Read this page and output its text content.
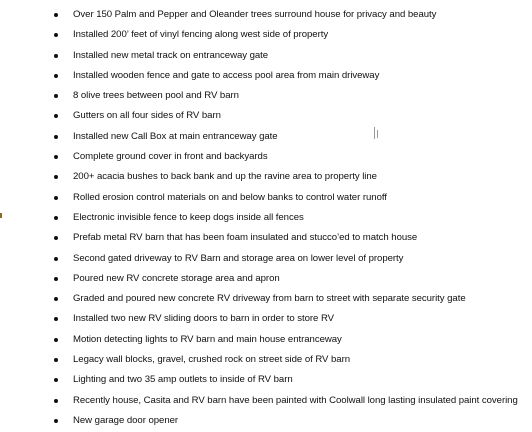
Over 150 Palm and Pepper and Oleander trees surround house for privacy and beauty
Installed 200’ feet of vinyl fencing along west side of property
Installed new metal track on entranceway gate
Installed wooden fence and gate to access pool area from main driveway
8 olive trees between pool and RV barn
Gutters on all four sides of RV barn
Installed new Call Box at main entranceway gate
Complete ground cover in front and backyards
200+ acacia bushes to back bank and up the ravine area to property line
Rolled erosion control materials on and below banks to control water runoff
Electronic invisible fence to keep dogs inside all fences
Prefab metal RV barn that has been foam insulated and stucco’ed to match house
Second gated driveway to RV Barn and storage area on lower level of property
Poured new RV concrete storage area and apron
Graded and poured new concrete RV driveway from barn to street with separate security gate
Installed two new RV sliding doors to barn in order to store RV
Motion detecting lights to RV barn and main house entranceway
Legacy wall blocks, gravel, crushed rock on street side of RV barn
Lighting and two 35 amp outlets to inside of RV barn
Recently house, Casita and RV barn have been painted with Coolwall long lasting insulated paint covering
New garage door opener
